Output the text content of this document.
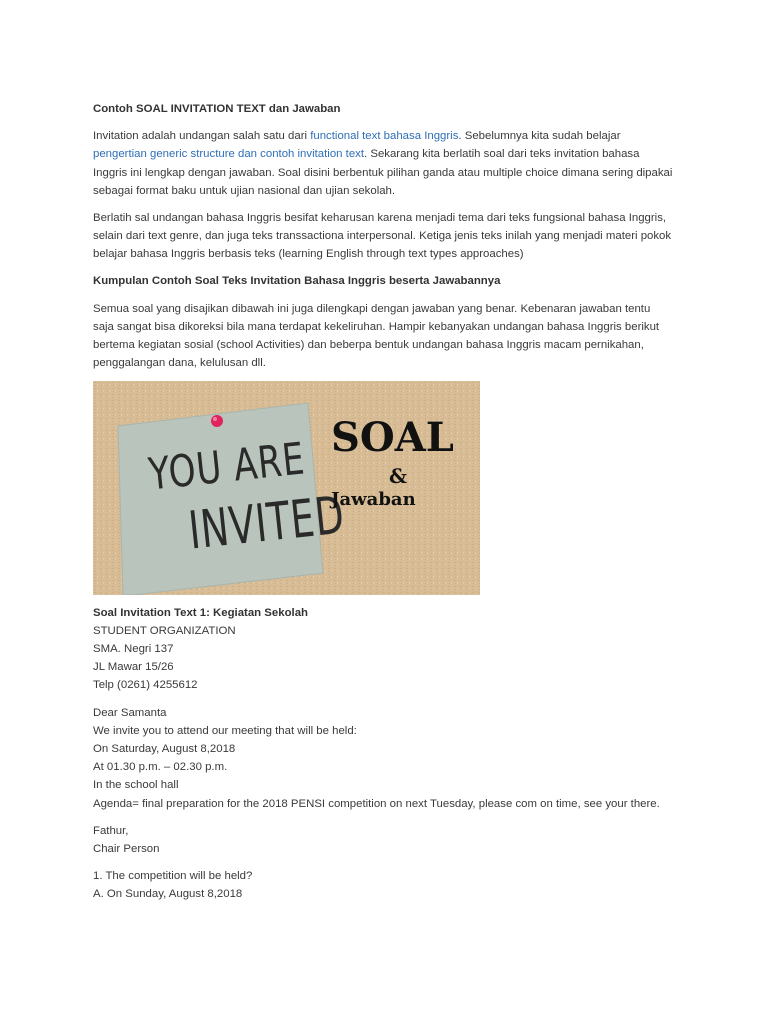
Contoh SOAL INVITATION TEXT dan Jawaban

Invitation adalah undangan salah satu dari functional text bahasa Inggris. Sebelumnya kita sudah belajar pengertian generic structure dan contoh invitation text. Sekarang kita berlatih soal dari teks invitation bahasa Inggris ini lengkap dengan jawaban. Soal disini berbentuk pilihan ganda atau multiple choice dimana sering dipakai sebagai format baku untuk ujian nasional dan ujian sekolah.

Berlatih sal undangan bahasa Inggris besifat keharusan karena menjadi tema dari teks fungsional bahasa Inggris, selain dari text genre, dan juga teks transsactiona interpersonal. Ketiga jenis teks inilah yang menjadi materi pokok belajar bahasa Inggris berbasis teks (learning English through text types approaches)

Kumpulan Contoh Soal Teks Invitation Bahasa Inggris beserta Jawabannya

Semua soal yang disajikan dibawah ini juga dilengkapi dengan jawaban yang benar. Kebenaran jawaban tentu saja sangat bisa dikoreksi bila mana terdapat kekeliruhan. Hampir kebanyakan undangan bahasa Inggris berikut bertema kegiatan sosial (school Activities) dan beberpa bentuk undangan bahasa Inggris macam pernikahan, penggalangan dana, kelulusan dll.

YOU ARE
INVITED
SOAL
&
Jawaban

Soal Invitation Text 1: Kegiatan Sekolah

STUDENT ORGANIZATION
SMA. Negri 137
JL Mawar 15/26
Telp (0261) 4255612
Dear Samanta
We invite you to attend our meeting that will be held:
On Saturday, August 8,2018
At 01.30 p.m. – 02.30 p.m.
In the school hall
Agenda= final preparation for the 2018 PENSI competition on next Tuesday, please com on time, see your there.
Fathur,
Chair Person
1. The competition will be held?
A. On Sunday, August 8,2018
